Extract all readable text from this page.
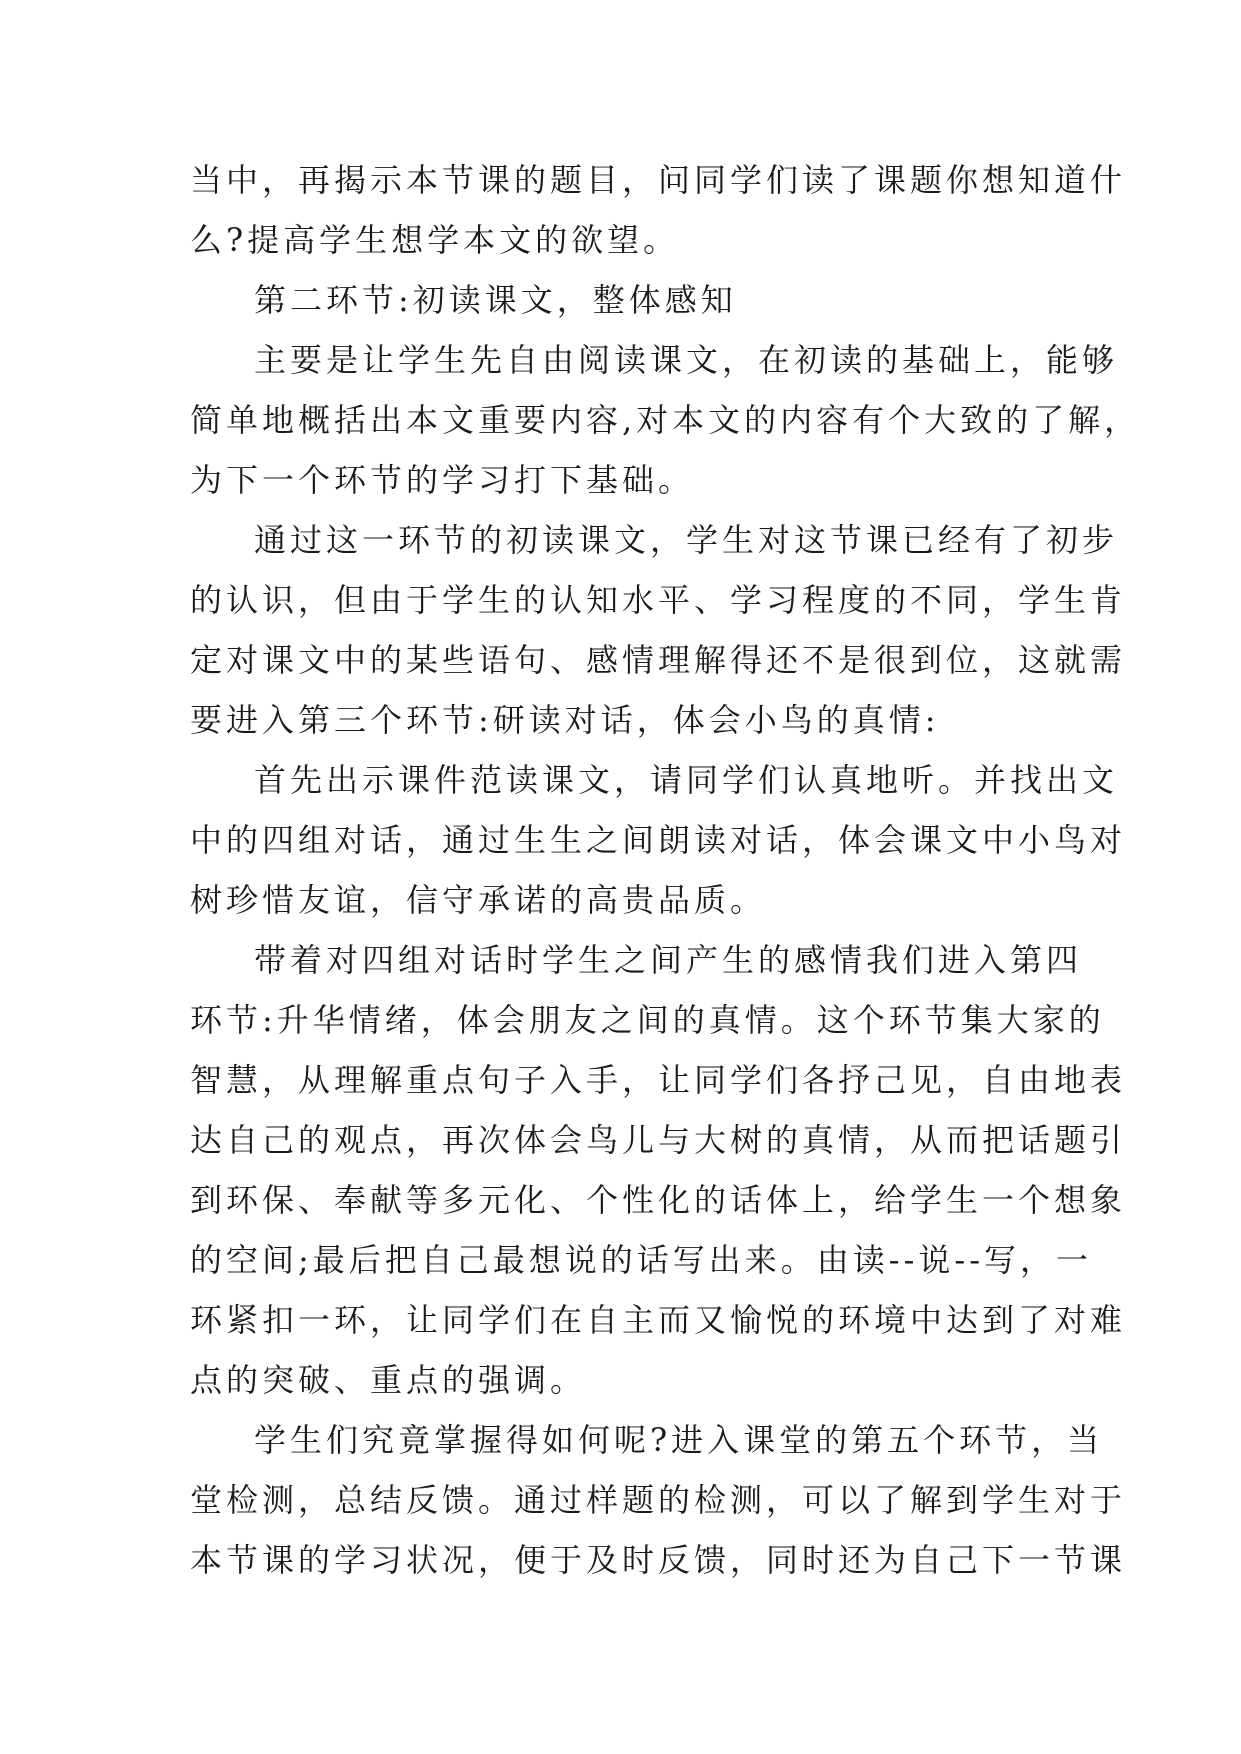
当中，再揭示本节课的题目，问同学们读了课题你想知道什
么?提高学生想学本文的欲望。
第二环节:初读课文，整体感知
主要是让学生先自由阅读课文，在初读的基础上，能够
简单地概括出本文重要内容,对本文的内容有个大致的了解，
为下一个环节的学习打下基础。
通过这一环节的初读课文，学生对这节课已经有了初步
的认识，但由于学生的认知水平、学习程度的不同，学生肯
定对课文中的某些语句、感情理解得还不是很到位，这就需
要进入第三个环节:研读对话，体会小鸟的真情:
首先出示课件范读课文，请同学们认真地听。并找出文
中的四组对话，通过生生之间朗读对话，体会课文中小鸟对
树珍惜友谊，信守承诺的高贵品质。
带着对四组对话时学生之间产生的感情我们进入第四
环节:升华情绪，体会朋友之间的真情。这个环节集大家的
智慧，从理解重点句子入手，让同学们各抒己见，自由地表
达自己的观点，再次体会鸟儿与大树的真情，从而把话题引
到环保、奉献等多元化、个性化的话体上，给学生一个想象
的空间;最后把自己最想说的话写出来。由读--说--写，一
环紧扣一环，让同学们在自主而又愉悦的环境中达到了对难
点的突破、重点的强调。
学生们究竟掌握得如何呢?进入课堂的第五个环节，当
堂检测，总结反馈。通过样题的检测，可以了解到学生对于
本节课的学习状况，便于及时反馈，同时还为自己下一节课
